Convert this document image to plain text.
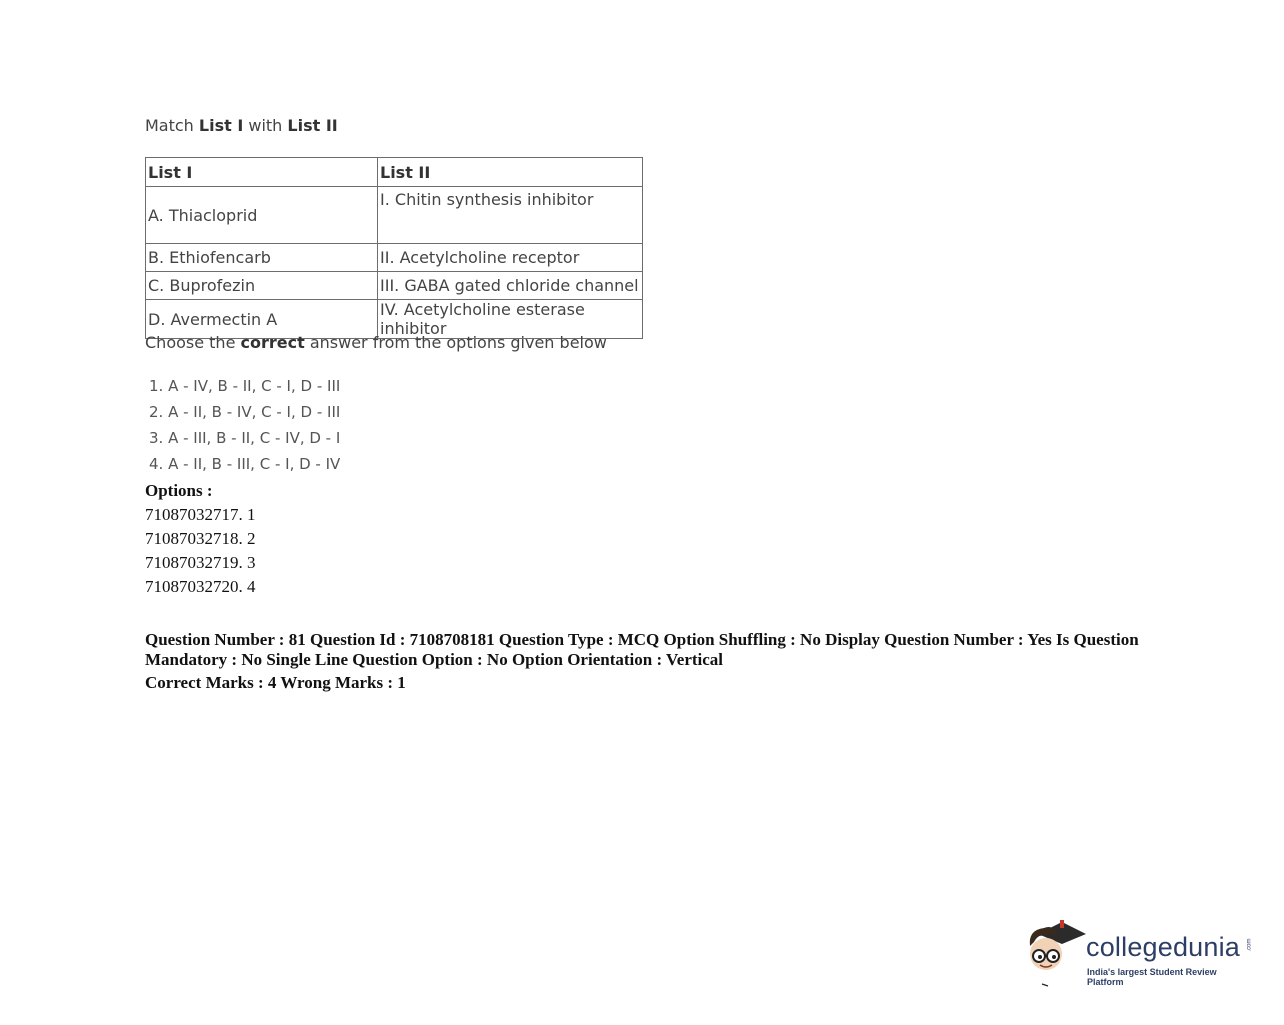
Match List I with List II
List I	List II
A. Thiacloprid	I. Chitin synthesis inhibitor
B. Ethiofencarb	II. Acetylcholine receptor
C. Buprofezin	III. GABA gated chloride channel
D. Avermectin A	IV. Acetylcholine esterase inhibitor
Choose the correct answer from the options given below
1. A - IV, B - II, C - I, D - III
2. A - II, B - IV, C - I, D - III
3. A - III, B - II, C - IV, D - I
4. A - II, B - III, C - I, D - IV
Options :
71087032717. 1
71087032718. 2
71087032719. 3
71087032720. 4
Question Number : 81 Question Id : 7108708181 Question Type : MCQ Option Shuffling : No Display Question Number : Yes Is Question Mandatory : No Single Line Question Option : No Option Orientation : Vertical
Correct Marks : 4 Wrong Marks : 1
collegedunia .com
India's largest Student Review Platform
